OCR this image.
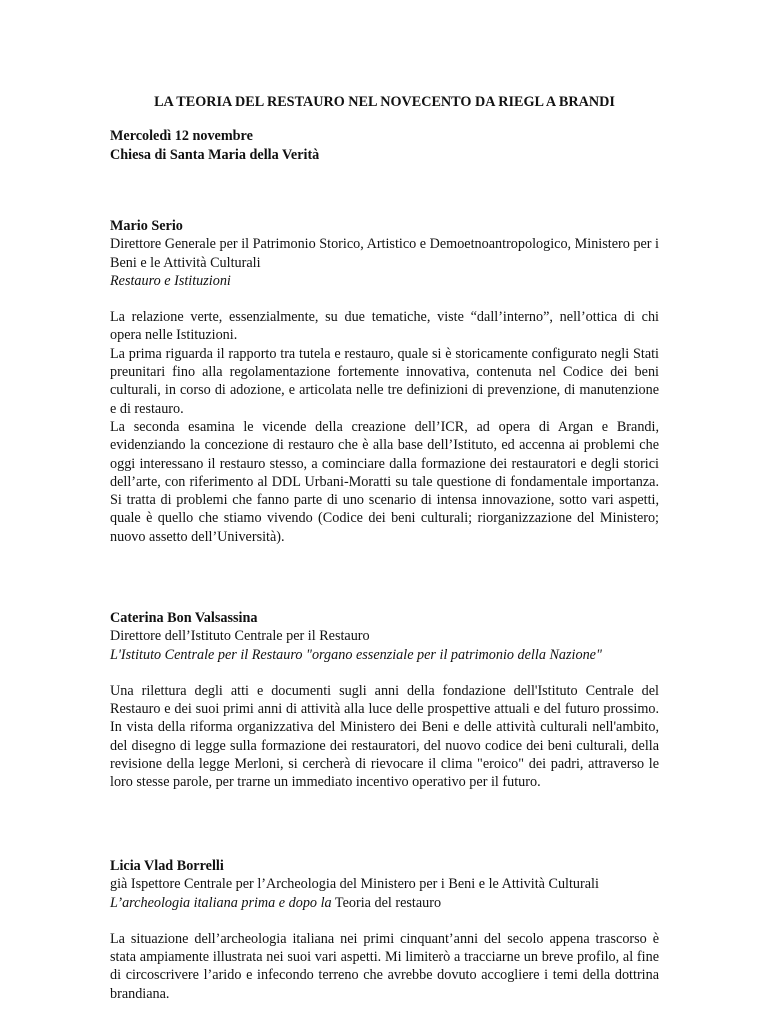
LA TEORIA DEL RESTAURO NEL NOVECENTO DA RIEGL A BRANDI
Mercoledì 12 novembre
Chiesa di Santa Maria della Verità
Mario Serio
Direttore Generale per il Patrimonio Storico, Artistico e Demoetnoantropologico, Ministero per i Beni e le Attività Culturali
Restauro e Istituzioni

La relazione verte, essenzialmente, su due tematiche, viste “dall’interno”, nell’ottica di chi opera nelle Istituzioni.

La prima riguarda il rapporto tra tutela e restauro, quale si è storicamente configurato negli Stati preunitari fino alla regolamentazione fortemente innovativa, contenuta nel Codice dei beni culturali, in corso di adozione, e articolata nelle tre definizioni di prevenzione, di manutenzione e di restauro.

La seconda esamina le vicende della creazione dell’ICR, ad opera di Argan e Brandi, evidenziando la concezione di restauro che è alla base dell’Istituto, ed accenna ai problemi che oggi interessano il restauro stesso, a cominciare dalla formazione dei restauratori e degli storici dell’arte, con riferimento al DDL Urbani-Moratti su tale questione di fondamentale importanza. Si tratta di problemi che fanno parte di uno scenario di intensa innovazione, sotto vari aspetti, quale è quello che stiamo vivendo (Codice dei beni culturali; riorganizzazione del Ministero; nuovo assetto dell’Università).

Caterina Bon Valsassina
Direttore dell’Istituto Centrale per il Restauro
L'Istituto Centrale per il Restauro "organo essenziale per il patrimonio della Nazione"

Una rilettura degli atti e documenti sugli anni della fondazione dell'Istituto Centrale del Restauro e dei suoi primi anni di attività alla luce delle prospettive attuali e del futuro prossimo. In vista della riforma organizzativa del Ministero dei Beni e delle attività culturali nell'ambito, del disegno di legge sulla formazione dei restauratori, del nuovo codice dei beni culturali, della revisione della legge Merloni, si cercherà di rievocare il clima "eroico" dei padri, attraverso le loro stesse parole, per trarne un immediato incentivo operativo per il futuro.

Licia Vlad Borrelli
già Ispettore Centrale per l’Archeologia del Ministero per i Beni e le Attività Culturali
L’archeologia italiana prima e dopo la Teoria del restauro

La situazione dell’archeologia italiana nei primi cinquant’anni del secolo appena trascorso è stata ampiamente illustrata nei suoi vari aspetti. Mi limiterò a tracciarne un breve profilo, al fine di circoscrivere l’arido e infecondo terreno che avrebbe dovuto accogliere i temi della dottrina brandiana.
